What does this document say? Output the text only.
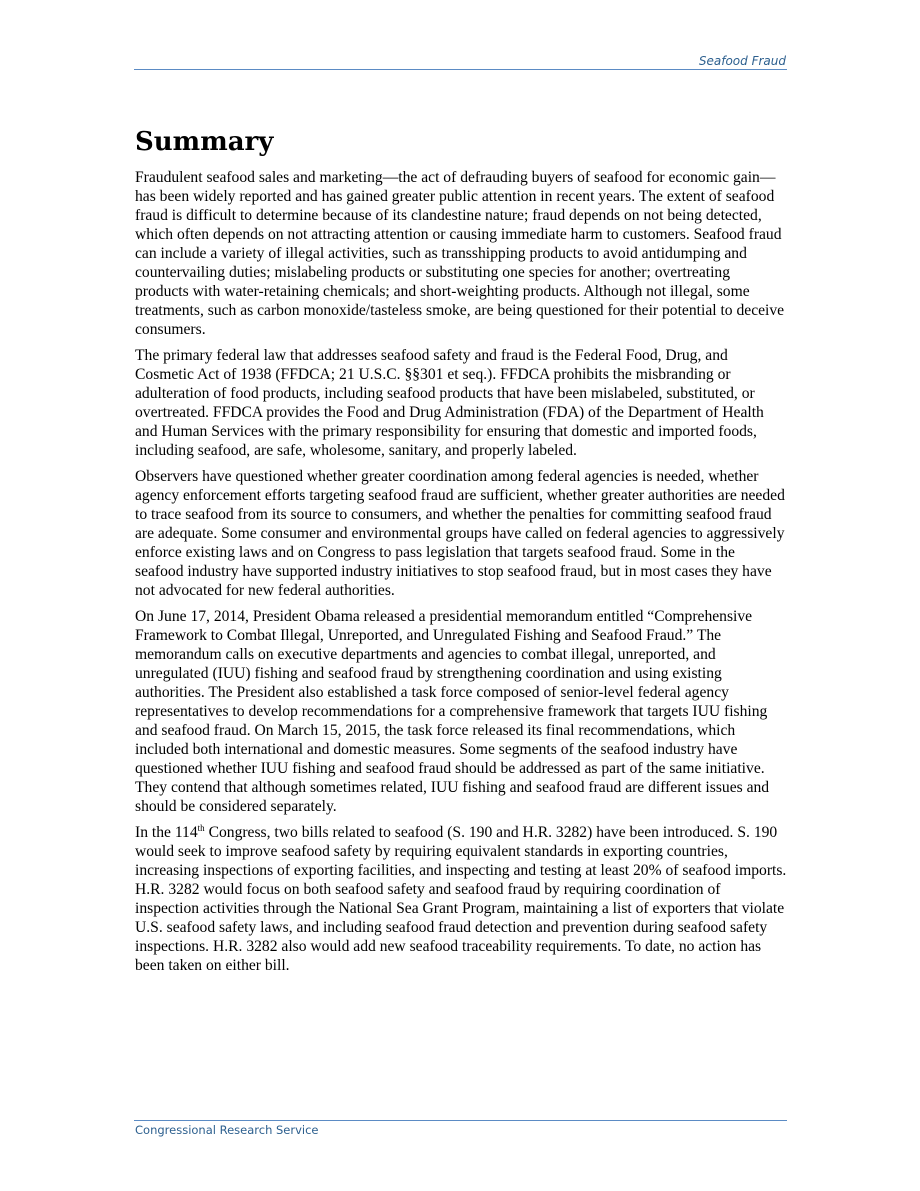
Seafood Fraud
Summary

Fraudulent seafood sales and marketing—the act of defrauding buyers of seafood for economic gain—has been widely reported and has gained greater public attention in recent years. The extent of seafood fraud is difficult to determine because of its clandestine nature; fraud depends on not being detected, which often depends on not attracting attention or causing immediate harm to customers. Seafood fraud can include a variety of illegal activities, such as transshipping products to avoid antidumping and countervailing duties; mislabeling products or substituting one species for another; overtreating products with water-retaining chemicals; and short-weighting products. Although not illegal, some treatments, such as carbon monoxide/tasteless smoke, are being questioned for their potential to deceive consumers.

The primary federal law that addresses seafood safety and fraud is the Federal Food, Drug, and Cosmetic Act of 1938 (FFDCA; 21 U.S.C. §§301 et seq.). FFDCA prohibits the misbranding or adulteration of food products, including seafood products that have been mislabeled, substituted, or overtreated. FFDCA provides the Food and Drug Administration (FDA) of the Department of Health and Human Services with the primary responsibility for ensuring that domestic and imported foods, including seafood, are safe, wholesome, sanitary, and properly labeled.

Observers have questioned whether greater coordination among federal agencies is needed, whether agency enforcement efforts targeting seafood fraud are sufficient, whether greater authorities are needed to trace seafood from its source to consumers, and whether the penalties for committing seafood fraud are adequate. Some consumer and environmental groups have called on federal agencies to aggressively enforce existing laws and on Congress to pass legislation that targets seafood fraud. Some in the seafood industry have supported industry initiatives to stop seafood fraud, but in most cases they have not advocated for new federal authorities.

On June 17, 2014, President Obama released a presidential memorandum entitled “Comprehensive Framework to Combat Illegal, Unreported, and Unregulated Fishing and Seafood Fraud.” The memorandum calls on executive departments and agencies to combat illegal, unreported, and unregulated (IUU) fishing and seafood fraud by strengthening coordination and using existing authorities. The President also established a task force composed of senior-level federal agency representatives to develop recommendations for a comprehensive framework that targets IUU fishing and seafood fraud. On March 15, 2015, the task force released its final recommendations, which included both international and domestic measures. Some segments of the seafood industry have questioned whether IUU fishing and seafood fraud should be addressed as part of the same initiative. They contend that although sometimes related, IUU fishing and seafood fraud are different issues and should be considered separately.

In the 114th Congress, two bills related to seafood (S. 190 and H.R. 3282) have been introduced. S. 190 would seek to improve seafood safety by requiring equivalent standards in exporting countries, increasing inspections of exporting facilities, and inspecting and testing at least 20% of seafood imports. H.R. 3282 would focus on both seafood safety and seafood fraud by requiring coordination of inspection activities through the National Sea Grant Program, maintaining a list of exporters that violate U.S. seafood safety laws, and including seafood fraud detection and prevention during seafood safety inspections. H.R. 3282 also would add new seafood traceability requirements. To date, no action has been taken on either bill.

Congressional Research Service
